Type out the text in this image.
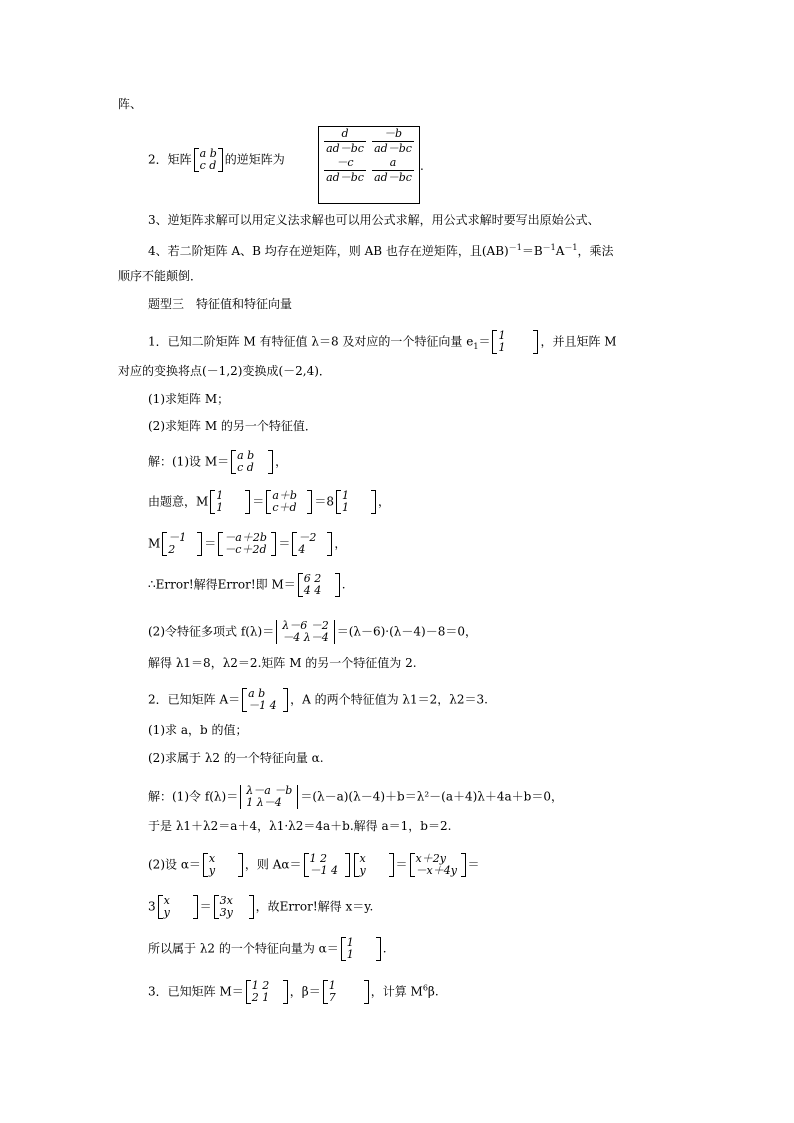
阵、
2．矩阵 a b
c d 的逆矩阵为
$\frac{d}{ad-bc} \frac{-b}{ad-bc}$
$\frac{-c}{ad-bc} \frac{a}{ad-bc}$ .
3、逆矩阵求解可以用定义法求解也可以用公式求解，用公式求解时要写出原始公式、
4、若二阶矩阵 A、B 均存在逆矩阵，则 AB 也存在逆矩阵，且$(AB)^{-1}=B^{-1}A^{-1}$，乘法
顺序不能颠倒．
题型三　特征值和特征向量
1．已知二阶矩阵 M 有特征值 λ＝8 及对应的一个特征向量 $e_1= 1$
1	，并且矩阵 M
对应的变换将点(－1,2)变换成(－2,4)．
(1)求矩阵 M；
(2)求矩阵 M 的另一个特征值．
解：(1)设 M＝ a b
c d	，
由题意，M 1
1	＝ a＋b
c＋d	＝8 1
1	，
M －1
2	＝ －a＋2b
－c＋2d ＝ －2
4	，
∴Error!解得Error!即 M＝ 6 2
4 4	.
(2)令特征多项式 f(λ)＝ λ－6 －2
－4 λ－4 ＝(λ－6)·(λ－4)－8＝0，
解得 λ1＝8，λ2＝2.矩阵 M 的另一个特征值为 2.
2．已知矩阵 A＝ a b
－1 4	，A 的两个特征值为 λ1＝2，λ2＝3.
(1)求 a，b 的值；
(2)求属于 λ2 的一个特征向量 α.
解：(1)令 f(λ)＝ λ－a －b
1 λ－4	＝(λ－a)(λ－4)＋b＝λ²－(a＋4)λ＋4a＋b＝0，
于是 λ1＋λ2＝a＋4，λ1·λ2＝4a＋b.解得 a＝1，b＝2.
(2)设 α＝ x
y	，则 Aα＝ 1 2
－1 4
x
y	＝ x＋2y
－x＋4y ＝
3 x
y	＝ 3x
3y	，故Error!解得 x＝y.
所以属于 λ2 的一个特征向量为 α＝ 1
1	.
3．已知矩阵 M＝ 1 2
2 1	，β＝ 1
7	，计算 $M^6\beta$.
